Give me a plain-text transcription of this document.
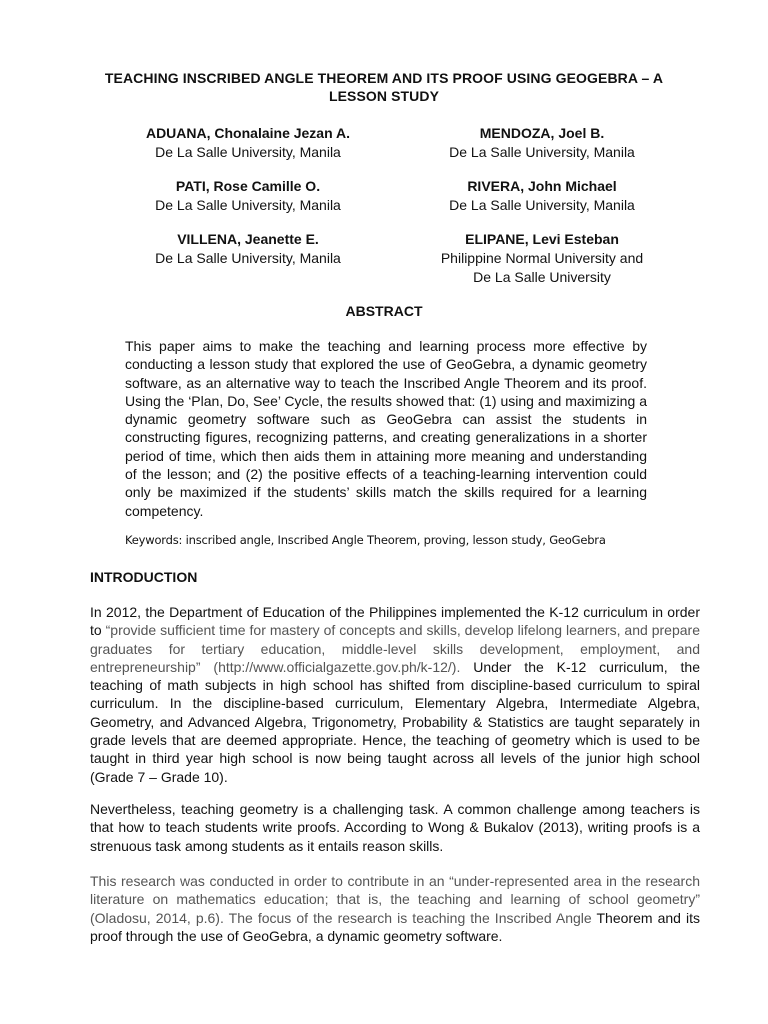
TEACHING INSCRIBED ANGLE THEOREM AND ITS PROOF USING GEOGEBRA – A LESSON STUDY
ADUANA, Chonalaine Jezan A.
De La Salle University, Manila
MENDOZA, Joel B.
De La Salle University, Manila
PATI, Rose Camille O.
De La Salle University, Manila
RIVERA, John Michael
De La Salle University, Manila
VILLENA, Jeanette E.
De La Salle University, Manila
ELIPANE, Levi Esteban
Philippine Normal University and
De La Salle University
ABSTRACT
This paper aims to make the teaching and learning process more effective by conducting a lesson study that explored the use of GeoGebra, a dynamic geometry software, as an alternative way to teach the Inscribed Angle Theorem and its proof. Using the ‘Plan, Do, See’ Cycle, the results showed that: (1) using and maximizing a dynamic geometry software such as GeoGebra can assist the students in constructing figures, recognizing patterns, and creating generalizations in a shorter period of time, which then aids them in attaining more meaning and understanding of the lesson; and (2) the positive effects of a teaching-learning intervention could only be maximized if the students’ skills match the skills required for a learning competency.
Keywords: inscribed angle, Inscribed Angle Theorem, proving, lesson study, GeoGebra
INTRODUCTION
In 2012, the Department of Education of the Philippines implemented the K-12 curriculum in order to “provide sufficient time for mastery of concepts and skills, develop lifelong learners, and prepare graduates for tertiary education, middle-level skills development, employment, and entrepreneurship” (http://www.officialgazette.gov.ph/k-12/). Under the K-12 curriculum, the teaching of math subjects in high school has shifted from discipline-based curriculum to spiral curriculum. In the discipline-based curriculum, Elementary Algebra, Intermediate Algebra, Geometry, and Advanced Algebra, Trigonometry, Probability & Statistics are taught separately in grade levels that are deemed appropriate. Hence, the teaching of geometry which is used to be taught in third year high school is now being taught across all levels of the junior high school (Grade 7 – Grade 10).
Nevertheless, teaching geometry is a challenging task. A common challenge among teachers is that how to teach students write proofs. According to Wong & Bukalov (2013), writing proofs is a strenuous task among students as it entails reason skills.
This research was conducted in order to contribute in an “under-represented area in the research literature on mathematics education; that is, the teaching and learning of school geometry” (Oladosu, 2014, p.6). The focus of the research is teaching the Inscribed Angle Theorem and its proof through the use of GeoGebra, a dynamic geometry software.
